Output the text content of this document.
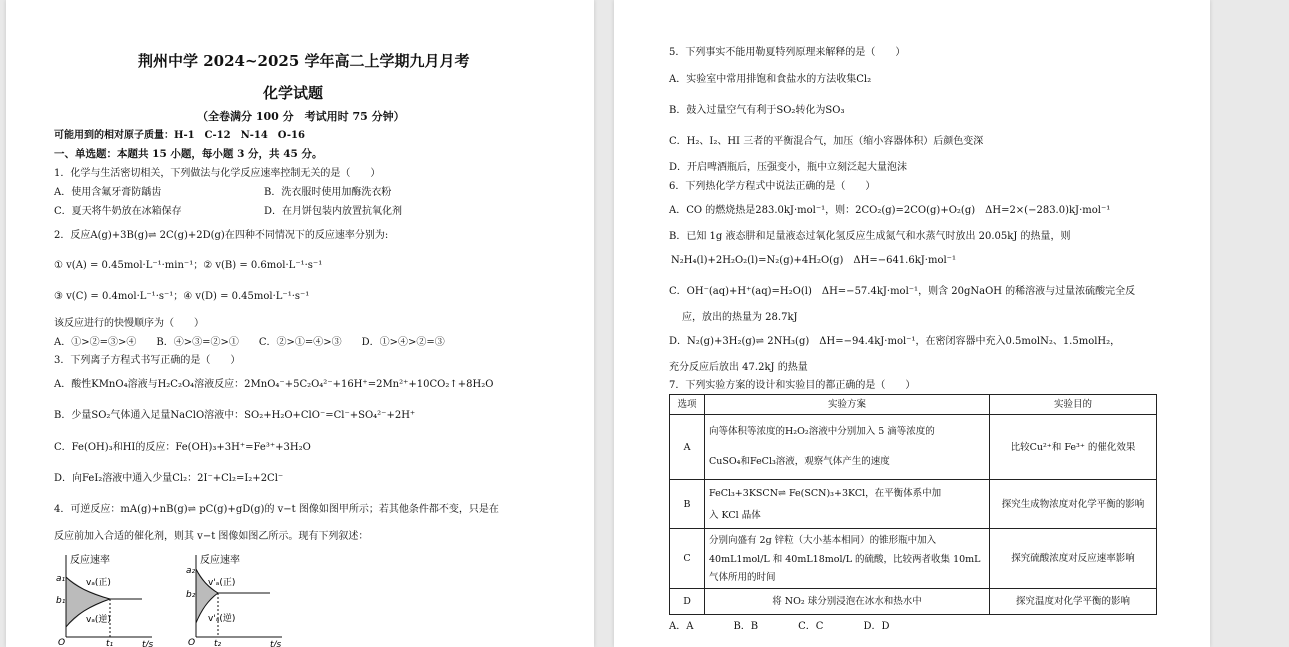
荆州中学 2024~2025 学年高二上学期九月月考
化学试题
（全卷满分 100 分　考试用时 75 分钟）
可能用到的相对原子质量：H-1　C-12　N-14　O-16
一、单选题：本题共 15 小题，每小题 3 分，共 45 分。
1．化学与生活密切相关，下列做法与化学反应速率控制无关的是（　　）
A．使用含氟牙膏防龋齿	B．洗衣服时使用加酶洗衣粉
C．夏天将牛奶放在冰箱保存	D．在月饼包装内放置抗氧化剂
2．反应A(g)+3B(g)⇌ 2C(g)+2D(g)在四种不同情况下的反应速率分别为:
① v(A) = 0.45mol·L⁻¹·min⁻¹；② v(B) = 0.6mol·L⁻¹·s⁻¹
③ v(C) = 0.4mol·L⁻¹·s⁻¹；④ v(D) = 0.45mol·L⁻¹·s⁻¹
该反应进行的快慢顺序为（　　）
A．①>②=③>④　　B．④>③=②>①　　C．②>①=④>③　　D．①>④>②=③
3．下列离子方程式书写正确的是（　　）
A．酸性KMnO₄溶液与H₂C₂O₄溶液反应：2MnO₄⁻+5C₂O₄²⁻+16H⁺=2Mn²⁺+10CO₂↑+8H₂O
B．少量SO₂气体通入足量NaClO溶液中：SO₂+H₂O+ClO⁻=Cl⁻+SO₄²⁻+2H⁺
C．Fe(OH)₃和HI的反应：Fe(OH)₃+3H⁺=Fe³⁺+3H₂O
D．向FeI₂溶液中通入少量Cl₂：2I⁻+Cl₂=I₂+2Cl⁻
4．可逆反应：mA(g)+nB(g)⇌ pC(g)+gD(g)的 v−t 图像如图甲所示；若其他条件都不变，只是在
反应前加入合适的催化剂，则其 v−t 图像如图乙所示。现有下列叙述：
反应速率
a₁
b₁
vₐ(正)
vₐ(逆)
O	t₁	t/s
反应速率
a₂
b₂
v'ₐ(正)
v'ₐ(逆)
O t₂	t/s
5．下列事实不能用勒夏特列原理来解释的是（　　）
A．实验室中常用排饱和食盐水的方法收集Cl₂
B．鼓入过量空气有利于SO₂转化为SO₃
C．H₂、I₂、HI 三者的平衡混合气，加压（缩小容器体积）后颜色变深
D．开启啤酒瓶后，压强变小，瓶中立刻泛起大量泡沫
6．下列热化学方程式中说法正确的是（　　）
A．CO 的燃烧热是283.0kJ·mol⁻¹，则：2CO₂(g)=2CO(g)+O₂(g)　ΔH=2×(−283.0)kJ·mol⁻¹
B．已知 1g 液态肼和足量液态过氧化氢反应生成氮气和水蒸气时放出 20.05kJ 的热量，则
N₂H₄(l)+2H₂O₂(l)=N₂(g)+4H₂O(g)　ΔH=−641.6kJ·mol⁻¹
C．OH⁻(aq)+H⁺(aq)=H₂O(l)　ΔH=−57.4kJ·mol⁻¹，则含 20gNaOH 的稀溶液与过量浓硫酸完全反
应，放出的热量为 28.7kJ
D．N₂(g)+3H₂(g)⇌ 2NH₃(g)　ΔH=−94.4kJ·mol⁻¹，在密闭容器中充入0.5molN₂、1.5molH₂，
充分反应后放出 47.2kJ 的热量
7．下列实验方案的设计和实验目的都正确的是（　　）
选项	实验方案	实验目的
A	向等体积等浓度的H₂O₂溶液中分别加入 5 滴等浓度的
CuSO₄和FeCl₃溶液，观察气体产生的速度	比较Cu²⁺和 Fe³⁺ 的催化效果
B	FeCl₃+3KSCN⇌ Fe(SCN)₃+3KCl，在平衡体系中加
入 KCl 晶体	探究生成物浓度对化学平衡的影响
C	分别向盛有 2g 锌粒（大小基本相同）的锥形瓶中加入
40mL1mol/L 和 40mL18mol/L 的硫酸，比较两者收集 10mL
气体所用的时间	探究硫酸浓度对反应速率影响
D	将 NO₂ 球分别浸泡在冰水和热水中	探究温度对化学平衡的影响
A．A　　　　B．B　　　　C．C　　　　D．D
